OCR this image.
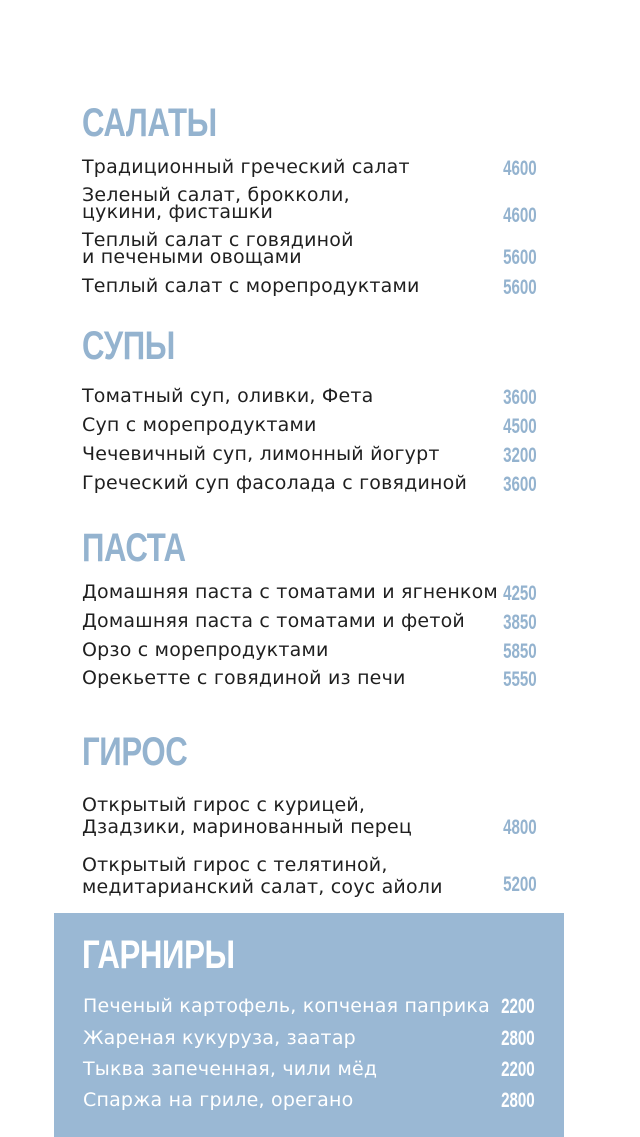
САЛАТЫ
Традиционный греческий салат	4600
Зеленый салат, брокколи,
цукини, фисташки	4600
Теплый салат с говядиной
и печеными овощами	5600
Теплый салат с морепродуктами	5600
СУПЫ
Томатный суп, оливки, Фета	3600
Суп с морепродуктами	4500
Чечевичный суп, лимонный йогурт	3200
Греческий суп фасолада с говядиной 3600
ПАСТА
Домашняя паста с томатами и ягненком 4250
Домашняя паста с томатами и фетой 3850
Орзо с морепродуктами	5850
Орекьетте с говядиной из печи	5550
ГИРОС
Открытый гирос с курицей,
Дзадзики, маринованный перец	4800
Открытый гирос с телятиной,
медитарианский салат, соус айоли	5200
ГАРНИРЫ
Печеный картофель, копченая паприка 2200
Жареная кукуруза, заатар	2800
Тыква запеченная, чили мёд	2200
Спаржа на гриле, орегано	2800
